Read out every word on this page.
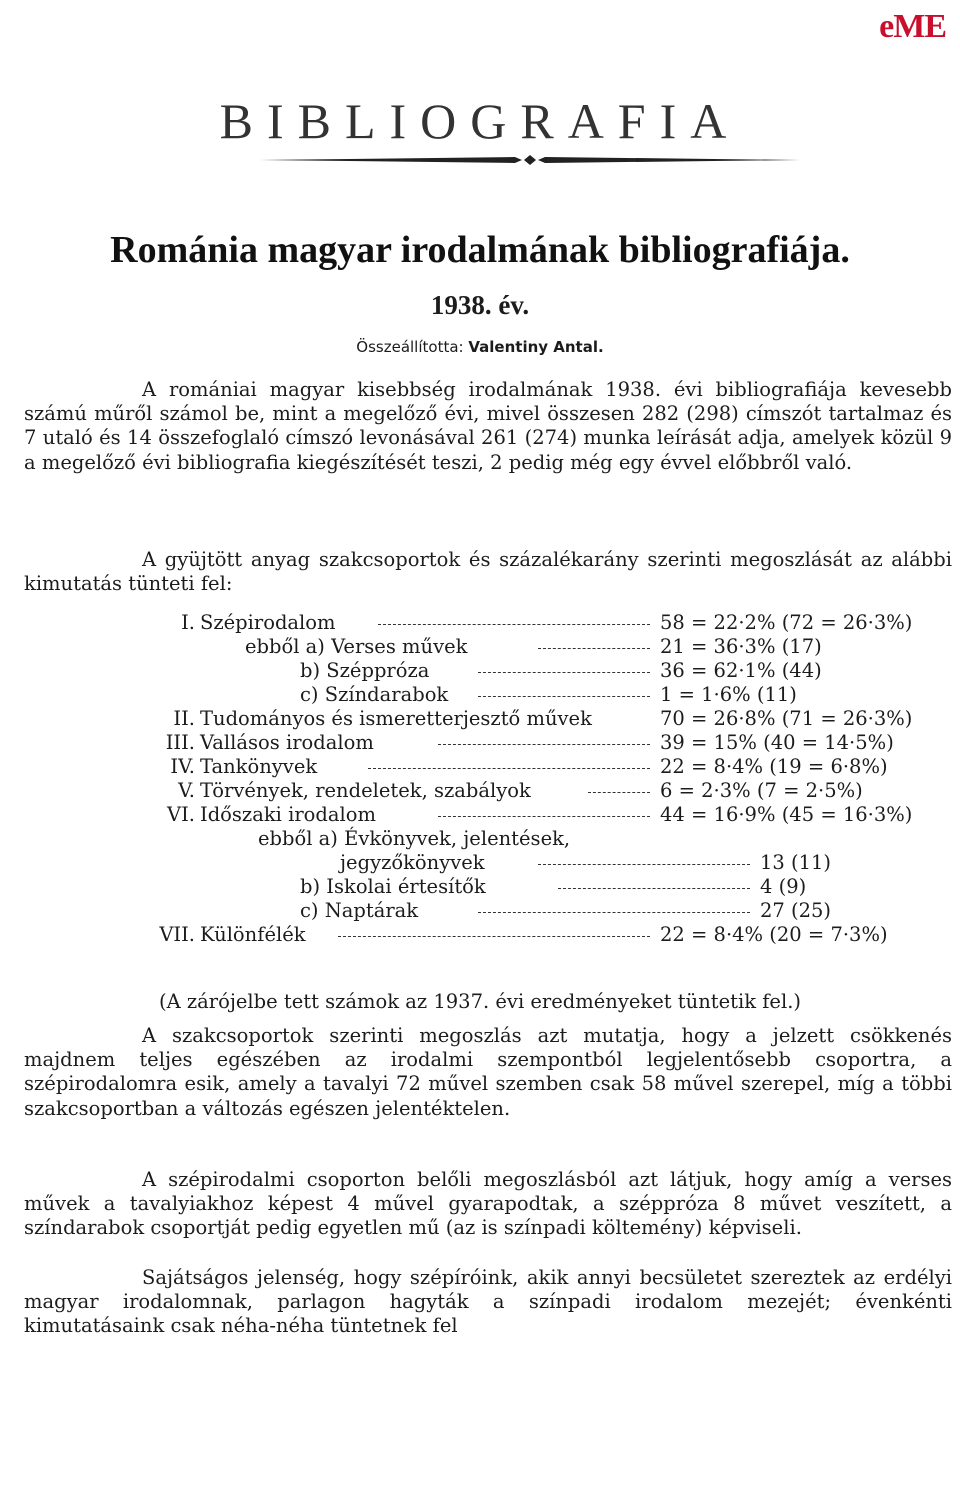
eME
BIBLIOGRAFIA
Románia magyar irodalmának bibliografiája.
1938. év.
Összeállította: Valentiny Antal.

A romániai magyar kisebbség irodalmának 1938. évi bibliografiája kevesebb számú műről számol be, mint a megelőző évi, mivel összesen 282 (298) címszót tartalmaz és 7 utaló és 14 összefoglaló címszó levonásával 261 (274) munka leírását adja, amelyek közül 9 a megelőző évi bibliografia kiegészítését teszi, 2 pedig még egy évvel előbbről való.

A gyüjtött anyag szakcsoportok és százalékarány szerinti megoszlását az alábbi kimutatás tünteti fel:

I. Szépirodalom	58 = 22·2% (72 = 26·3%)
ebből a) Verses művek	21 = 36·3% (17)
b) Széppróza	36 = 62·1% (44)
c) Színdarabok	1 = 1·6% (11)
II. Tudományos és ismeretterjesztő művek	70 = 26·8% (71 = 26·3%)
III. Vallásos irodalom	39 = 15% (40 = 14·5%)
IV. Tankönyvek	22 = 8·4% (19 = 6·8%)
V. Törvények, rendeletek, szabályok	6 = 2·3% (7 = 2·5%)
VI. Időszaki irodalom	44 = 16·9% (45 = 16·3%)
ebből a) Évkönyvek, jelentések,
jegyzőkönyvek	13 (11)
b) Iskolai értesítők	4 (9)
c) Naptárak	27 (25)
VII. Különfélék	22 = 8·4% (20 = 7·3%)
(A zárójelbe tett számok az 1937. évi eredményeket tüntetik fel.)

A szakcsoportok szerinti megoszlás azt mutatja, hogy a jelzett csökkenés majdnem teljes egészében az irodalmi szempontból legjelentősebb csoportra, a szépirodalomra esik, amely a tavalyi 72 művel szemben csak 58 művel szerepel, míg a többi szakcsoportban a változás egészen jelentéktelen.

A szépirodalmi csoporton belőli megoszlásból azt látjuk, hogy amíg a verses művek a tavalyiakhoz képest 4 művel gyarapodtak, a széppróza 8 művet veszített, a színdarabok csoportját pedig egyetlen mű (az is színpadi költemény) képviseli.

Sajátságos jelenség, hogy szépíróink, akik annyi becsületet szereztek az erdélyi magyar irodalomnak, parlagon hagyták a színpadi irodalom mezejét; évenkénti kimutatásaink csak néha-néha tüntetnek fel
